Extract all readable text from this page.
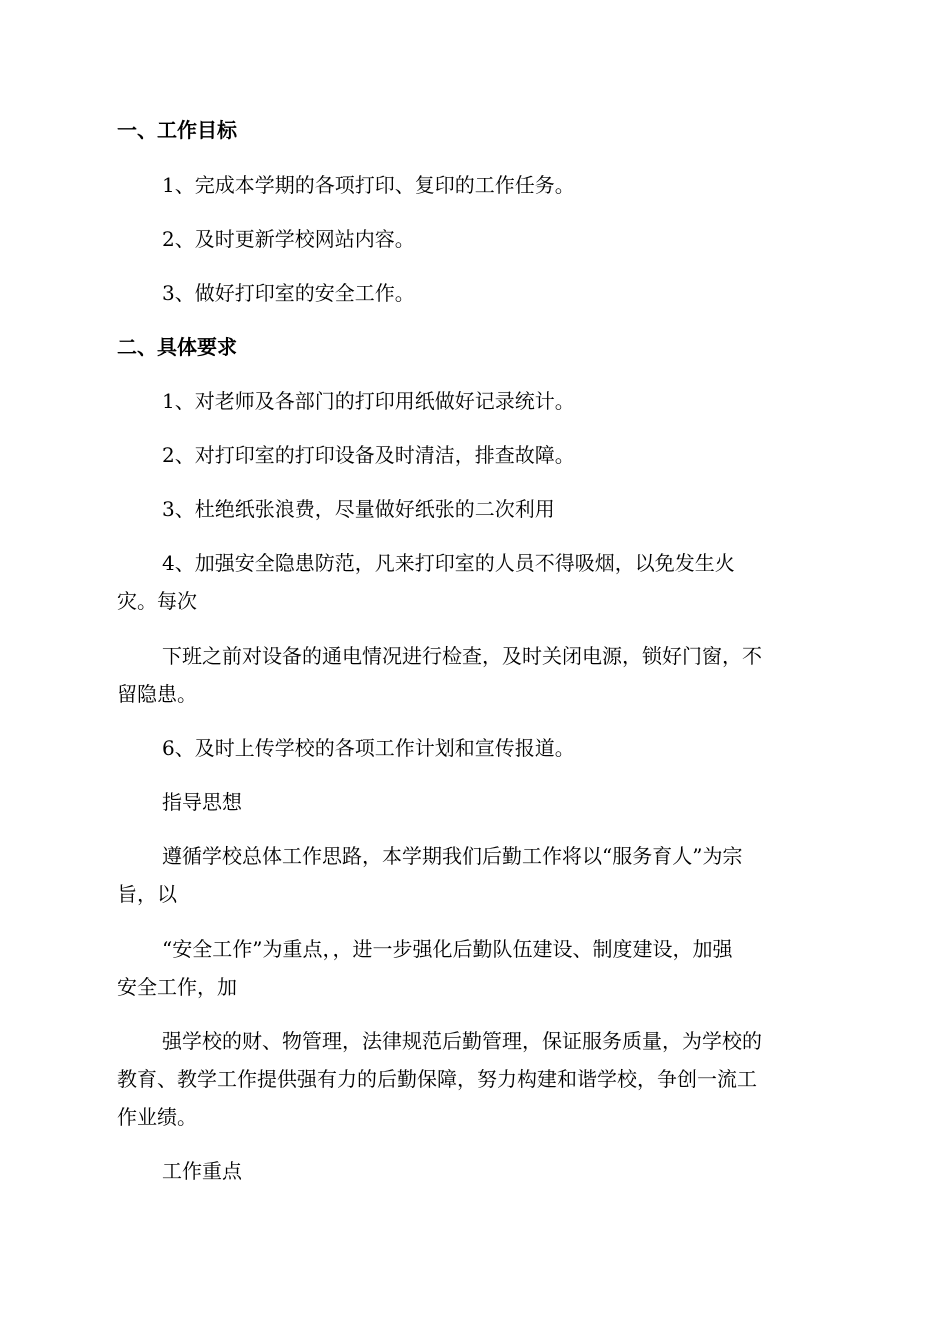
一、工作目标
1、完成本学期的各项打印、复印的工作任务。
2、及时更新学校网站内容。
3、做好打印室的安全工作。
二、具体要求
1、对老师及各部门的打印用纸做好记录统计。
2、对打印室的打印设备及时清洁，排查故障。
3、杜绝纸张浪费，尽量做好纸张的二次利用
4、加强安全隐患防范，凡来打印室的人员不得吸烟，以免发生火
灾。每次
下班之前对设备的通电情况进行检查，及时关闭电源，锁好门窗，不
留隐患。
6、及时上传学校的各项工作计划和宣传报道。
指导思想
遵循学校总体工作思路，本学期我们后勤工作将以“服务育人”为宗
旨，以
“安全工作”为重点，，进一步强化后勤队伍建设、制度建设，加强
安全工作，加
强学校的财、物管理，法律规范后勤管理，保证服务质量，为学校的
教育、教学工作提供强有力的后勤保障，努力构建和谐学校，争创一流工
作业绩。
工作重点
